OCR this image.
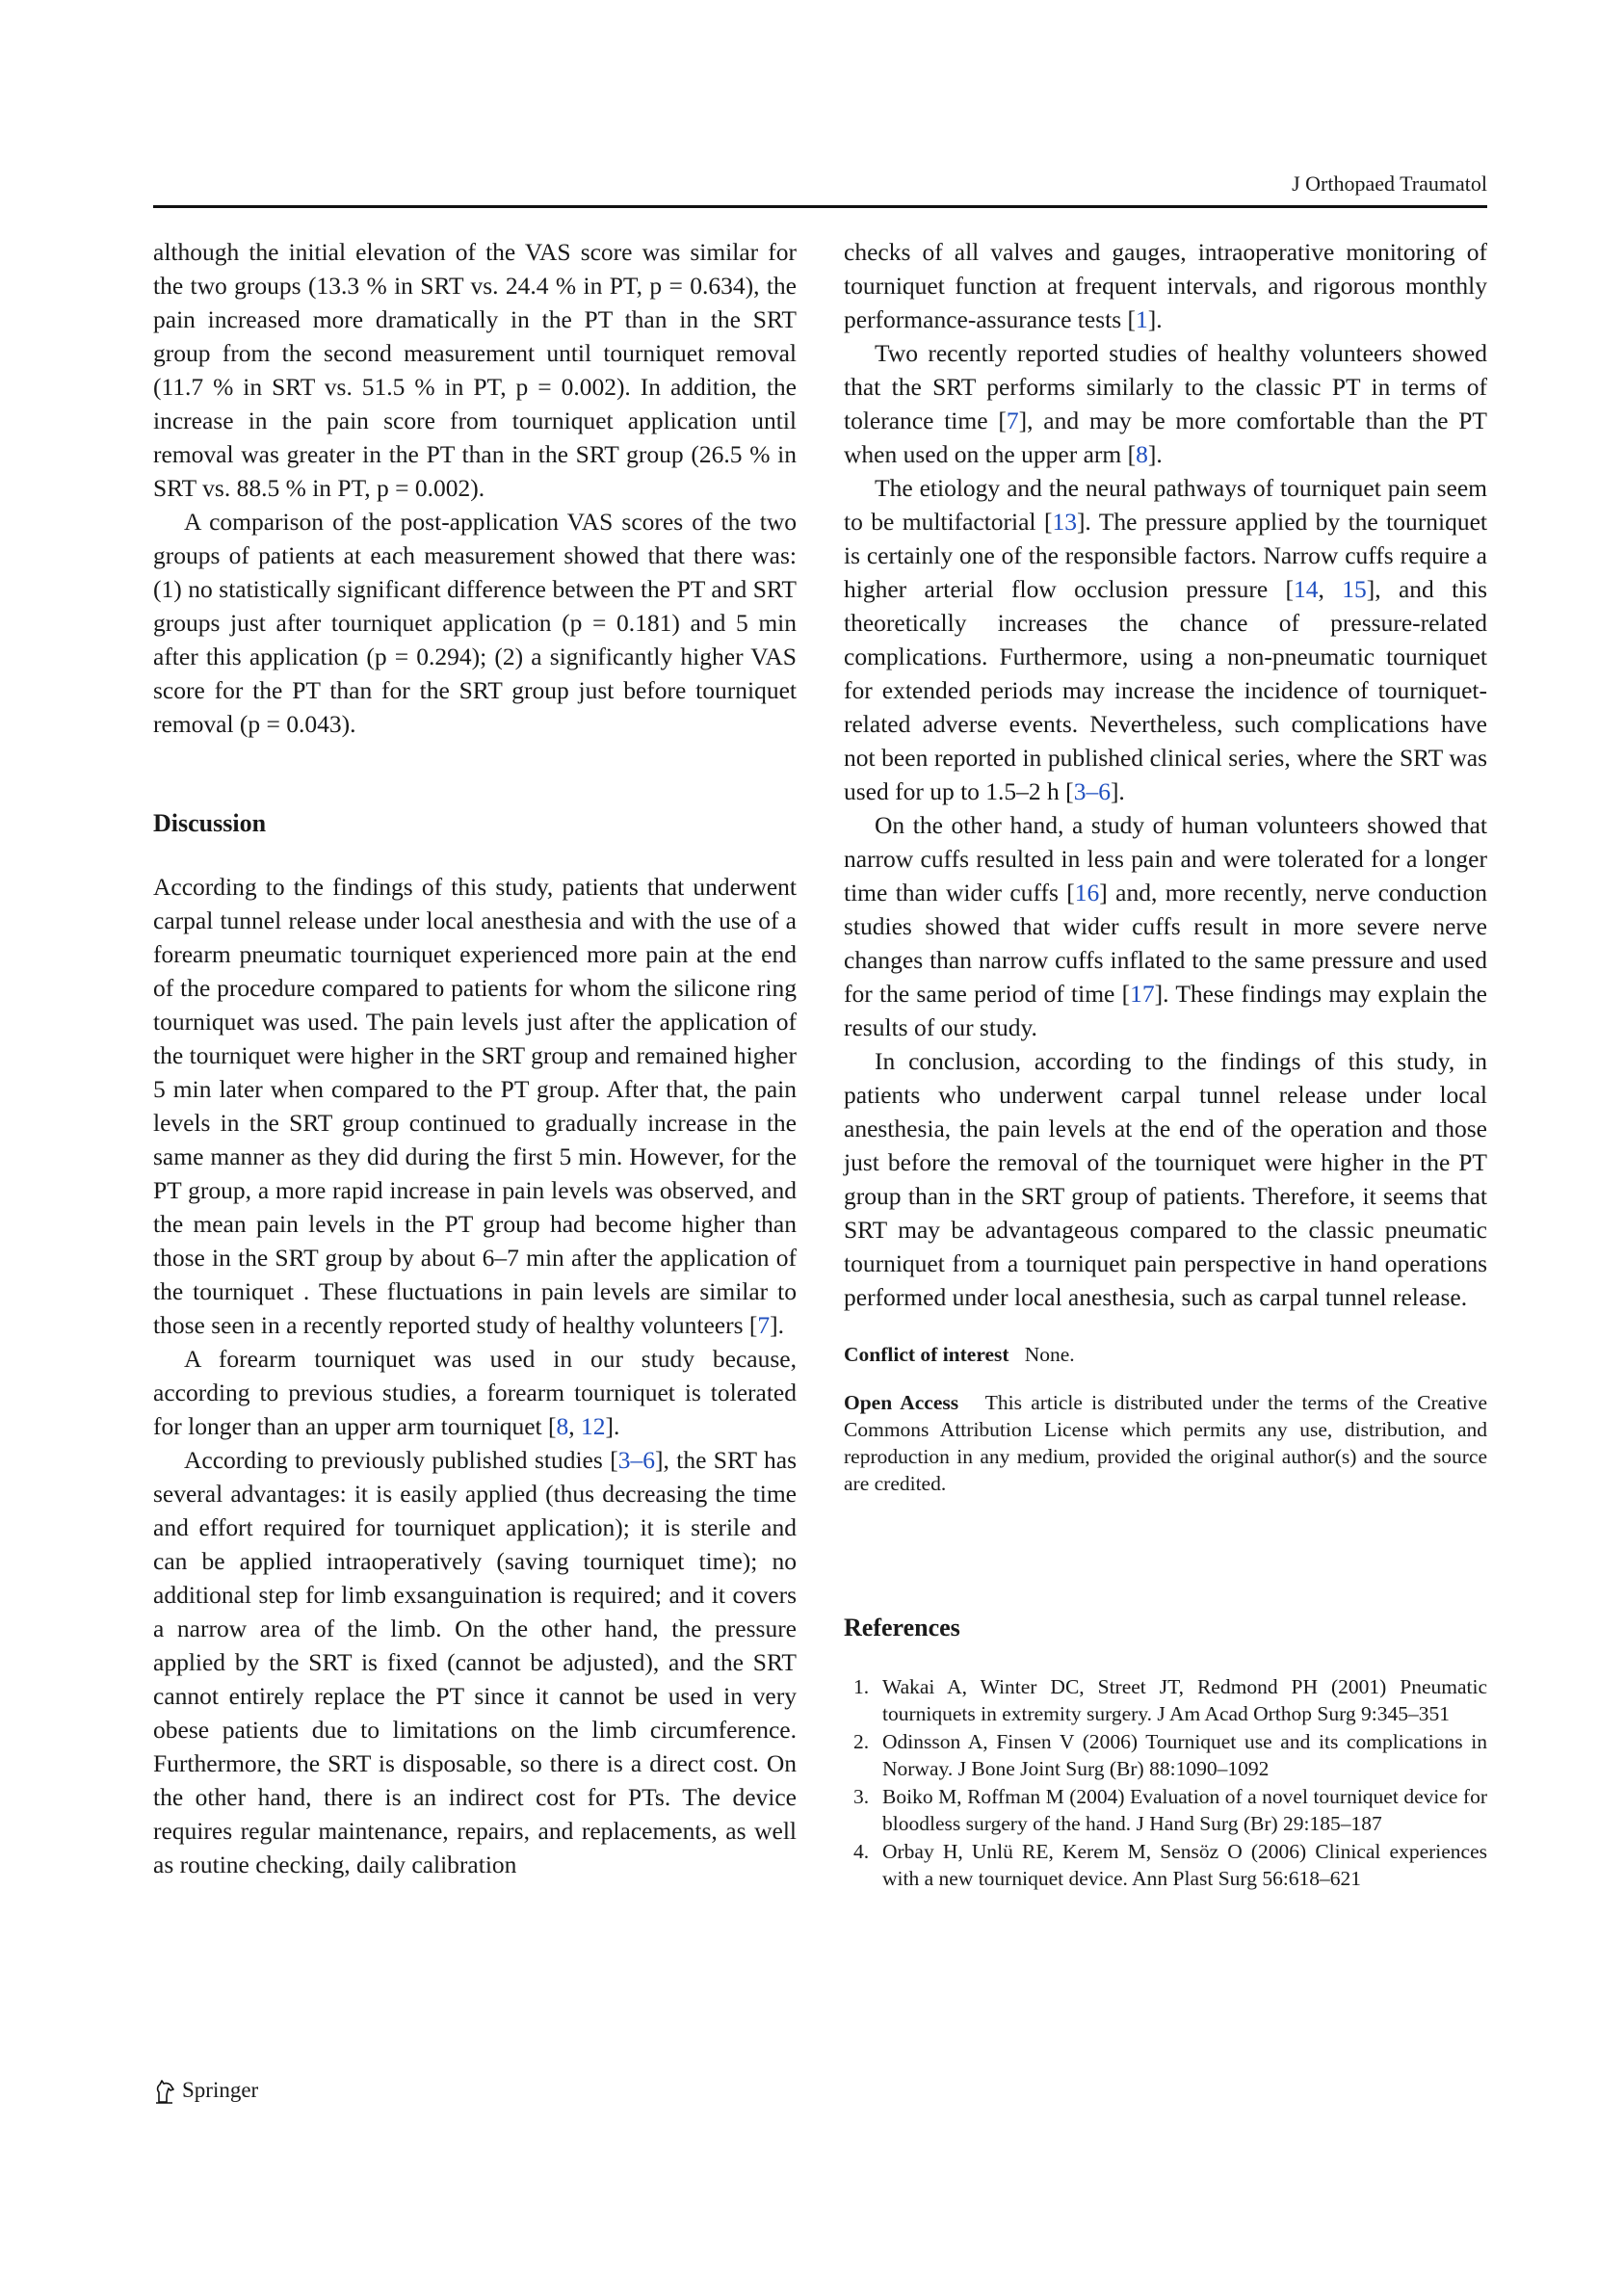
J Orthopaed Traumatol

although the initial elevation of the VAS score was similar for the two groups (13.3 % in SRT vs. 24.4 % in PT, p = 0.634), the pain increased more dramatically in the PT than in the SRT group from the second measurement until tourniquet removal (11.7 % in SRT vs. 51.5 % in PT, p = 0.002). In addition, the increase in the pain score from tourniquet application until removal was greater in the PT than in the SRT group (26.5 % in SRT vs. 88.5 % in PT, p = 0.002).

A comparison of the post-application VAS scores of the two groups of patients at each measurement showed that there was: (1) no statistically significant difference between the PT and SRT groups just after tourniquet application (p = 0.181) and 5 min after this application (p = 0.294); (2) a significantly higher VAS score for the PT than for the SRT group just before tourniquet removal (p = 0.043).

Discussion

According to the findings of this study, patients that underwent carpal tunnel release under local anesthesia and with the use of a forearm pneumatic tourniquet experienced more pain at the end of the procedure compared to patients for whom the silicone ring tourniquet was used. The pain levels just after the application of the tourniquet were higher in the SRT group and remained higher 5 min later when compared to the PT group. After that, the pain levels in the SRT group continued to gradually increase in the same manner as they did during the first 5 min. However, for the PT group, a more rapid increase in pain levels was observed, and the mean pain levels in the PT group had become higher than those in the SRT group by about 6–7 min after the application of the tourniquet . These fluctuations in pain levels are similar to those seen in a recently reported study of healthy volunteers [7].

A forearm tourniquet was used in our study because, according to previous studies, a forearm tourniquet is tolerated for longer than an upper arm tourniquet [8, 12].

According to previously published studies [3–6], the SRT has several advantages: it is easily applied (thus decreasing the time and effort required for tourniquet application); it is sterile and can be applied intraoperatively (saving tourniquet time); no additional step for limb exsanguination is required; and it covers a narrow area of the limb. On the other hand, the pressure applied by the SRT is fixed (cannot be adjusted), and the SRT cannot entirely replace the PT since it cannot be used in very obese patients due to limitations on the limb circumference. Furthermore, the SRT is disposable, so there is a direct cost. On the other hand, there is an indirect cost for PTs. The device requires regular maintenance, repairs, and replacements, as well as routine checking, daily calibration

checks of all valves and gauges, intraoperative monitoring of tourniquet function at frequent intervals, and rigorous monthly performance-assurance tests [1].

Two recently reported studies of healthy volunteers showed that the SRT performs similarly to the classic PT in terms of tolerance time [7], and may be more comfortable than the PT when used on the upper arm [8].

The etiology and the neural pathways of tourniquet pain seem to be multifactorial [13]. The pressure applied by the tourniquet is certainly one of the responsible factors. Narrow cuffs require a higher arterial flow occlusion pressure [14, 15], and this theoretically increases the chance of pressure-related complications. Furthermore, using a non-pneumatic tourniquet for extended periods may increase the incidence of tourniquet-related adverse events. Nevertheless, such complications have not been reported in published clinical series, where the SRT was used for up to 1.5–2 h [3–6].

On the other hand, a study of human volunteers showed that narrow cuffs resulted in less pain and were tolerated for a longer time than wider cuffs [16] and, more recently, nerve conduction studies showed that wider cuffs result in more severe nerve changes than narrow cuffs inflated to the same pressure and used for the same period of time [17]. These findings may explain the results of our study.

In conclusion, according to the findings of this study, in patients who underwent carpal tunnel release under local anesthesia, the pain levels at the end of the operation and those just before the removal of the tourniquet were higher in the PT group than in the SRT group of patients. Therefore, it seems that SRT may be advantageous compared to the classic pneumatic tourniquet from a tourniquet pain perspective in hand operations performed under local anesthesia, such as carpal tunnel release.

Conflict of interest None.

Open Access This article is distributed under the terms of the Creative Commons Attribution License which permits any use, distribution, and reproduction in any medium, provided the original author(s) and the source are credited.

References
1. Wakai A, Winter DC, Street JT, Redmond PH (2001) Pneumatic tourniquets in extremity surgery. J Am Acad Orthop Surg 9:345–351
2. Odinsson A, Finsen V (2006) Tourniquet use and its complications in Norway. J Bone Joint Surg (Br) 88:1090–1092
3. Boiko M, Roffman M (2004) Evaluation of a novel tourniquet device for bloodless surgery of the hand. J Hand Surg (Br) 29:185–187
4. Orbay H, Unlü RE, Kerem M, Sensöz O (2006) Clinical experiences with a new tourniquet device. Ann Plast Surg 56:618–621
Springer
